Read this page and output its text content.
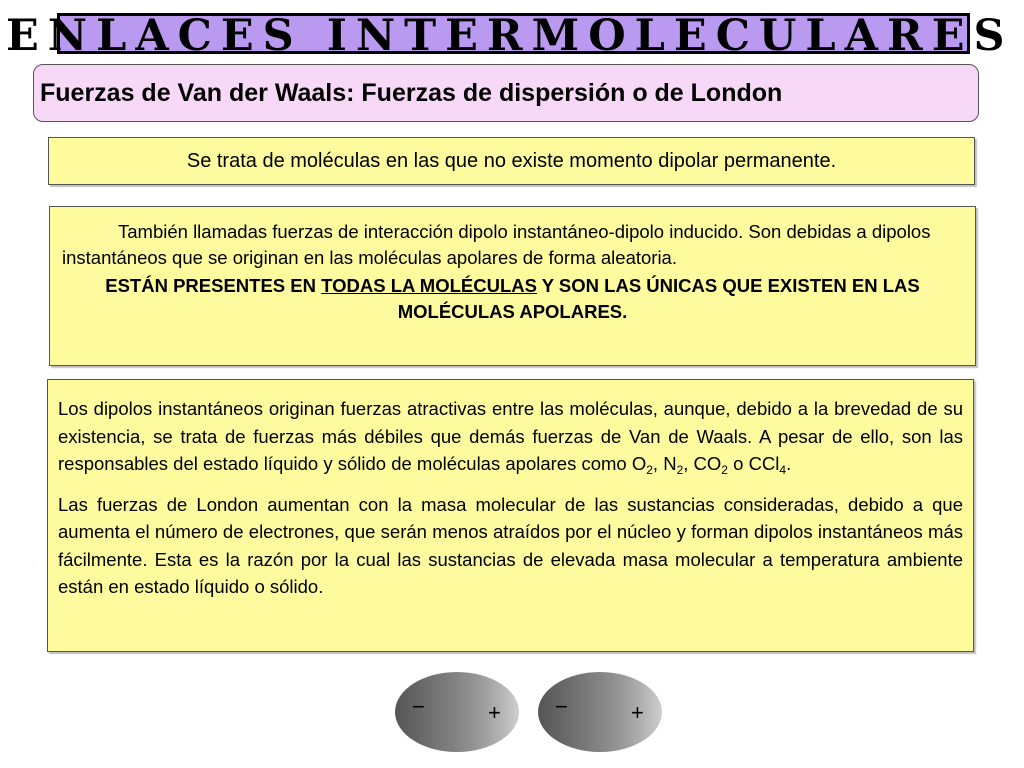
ENLACES INTERMOLECULARES
Fuerzas de Van der Waals: Fuerzas de dispersión o de London
Se trata de moléculas en las que no existe momento dipolar permanente.

También llamadas fuerzas de interacción dipolo instantáneo-dipolo inducido. Son debidas a dipolos instantáneos que se originan en las moléculas apolares de forma aleatoria.

ESTÁN PRESENTES EN TODAS LA MOLÉCULAS Y SON LAS ÚNICAS QUE EXISTEN EN LAS MOLÉCULAS APOLARES.

Los dipolos instantáneos originan fuerzas atractivas entre las moléculas, aunque, debido a la brevedad de su existencia, se trata de fuerzas más débiles que demás fuerzas de Van de Waals. A pesar de ello, son las responsables del estado líquido y sólido de moléculas apolares como $O_2$, $N_2$, $CO_2$ o CCl$_4$.

Las fuerzas de London aumentan con la masa molecular de las sustancias consideradas, debido a que aumenta el número de electrones, que serán menos atraídos por el núcleo y forman dipolos instantáneos más fácilmente. Esta es la razón por la cual las sustancias de elevada masa molecular a temperatura ambiente están en estado líquido o sólido.

−	+ −	+
